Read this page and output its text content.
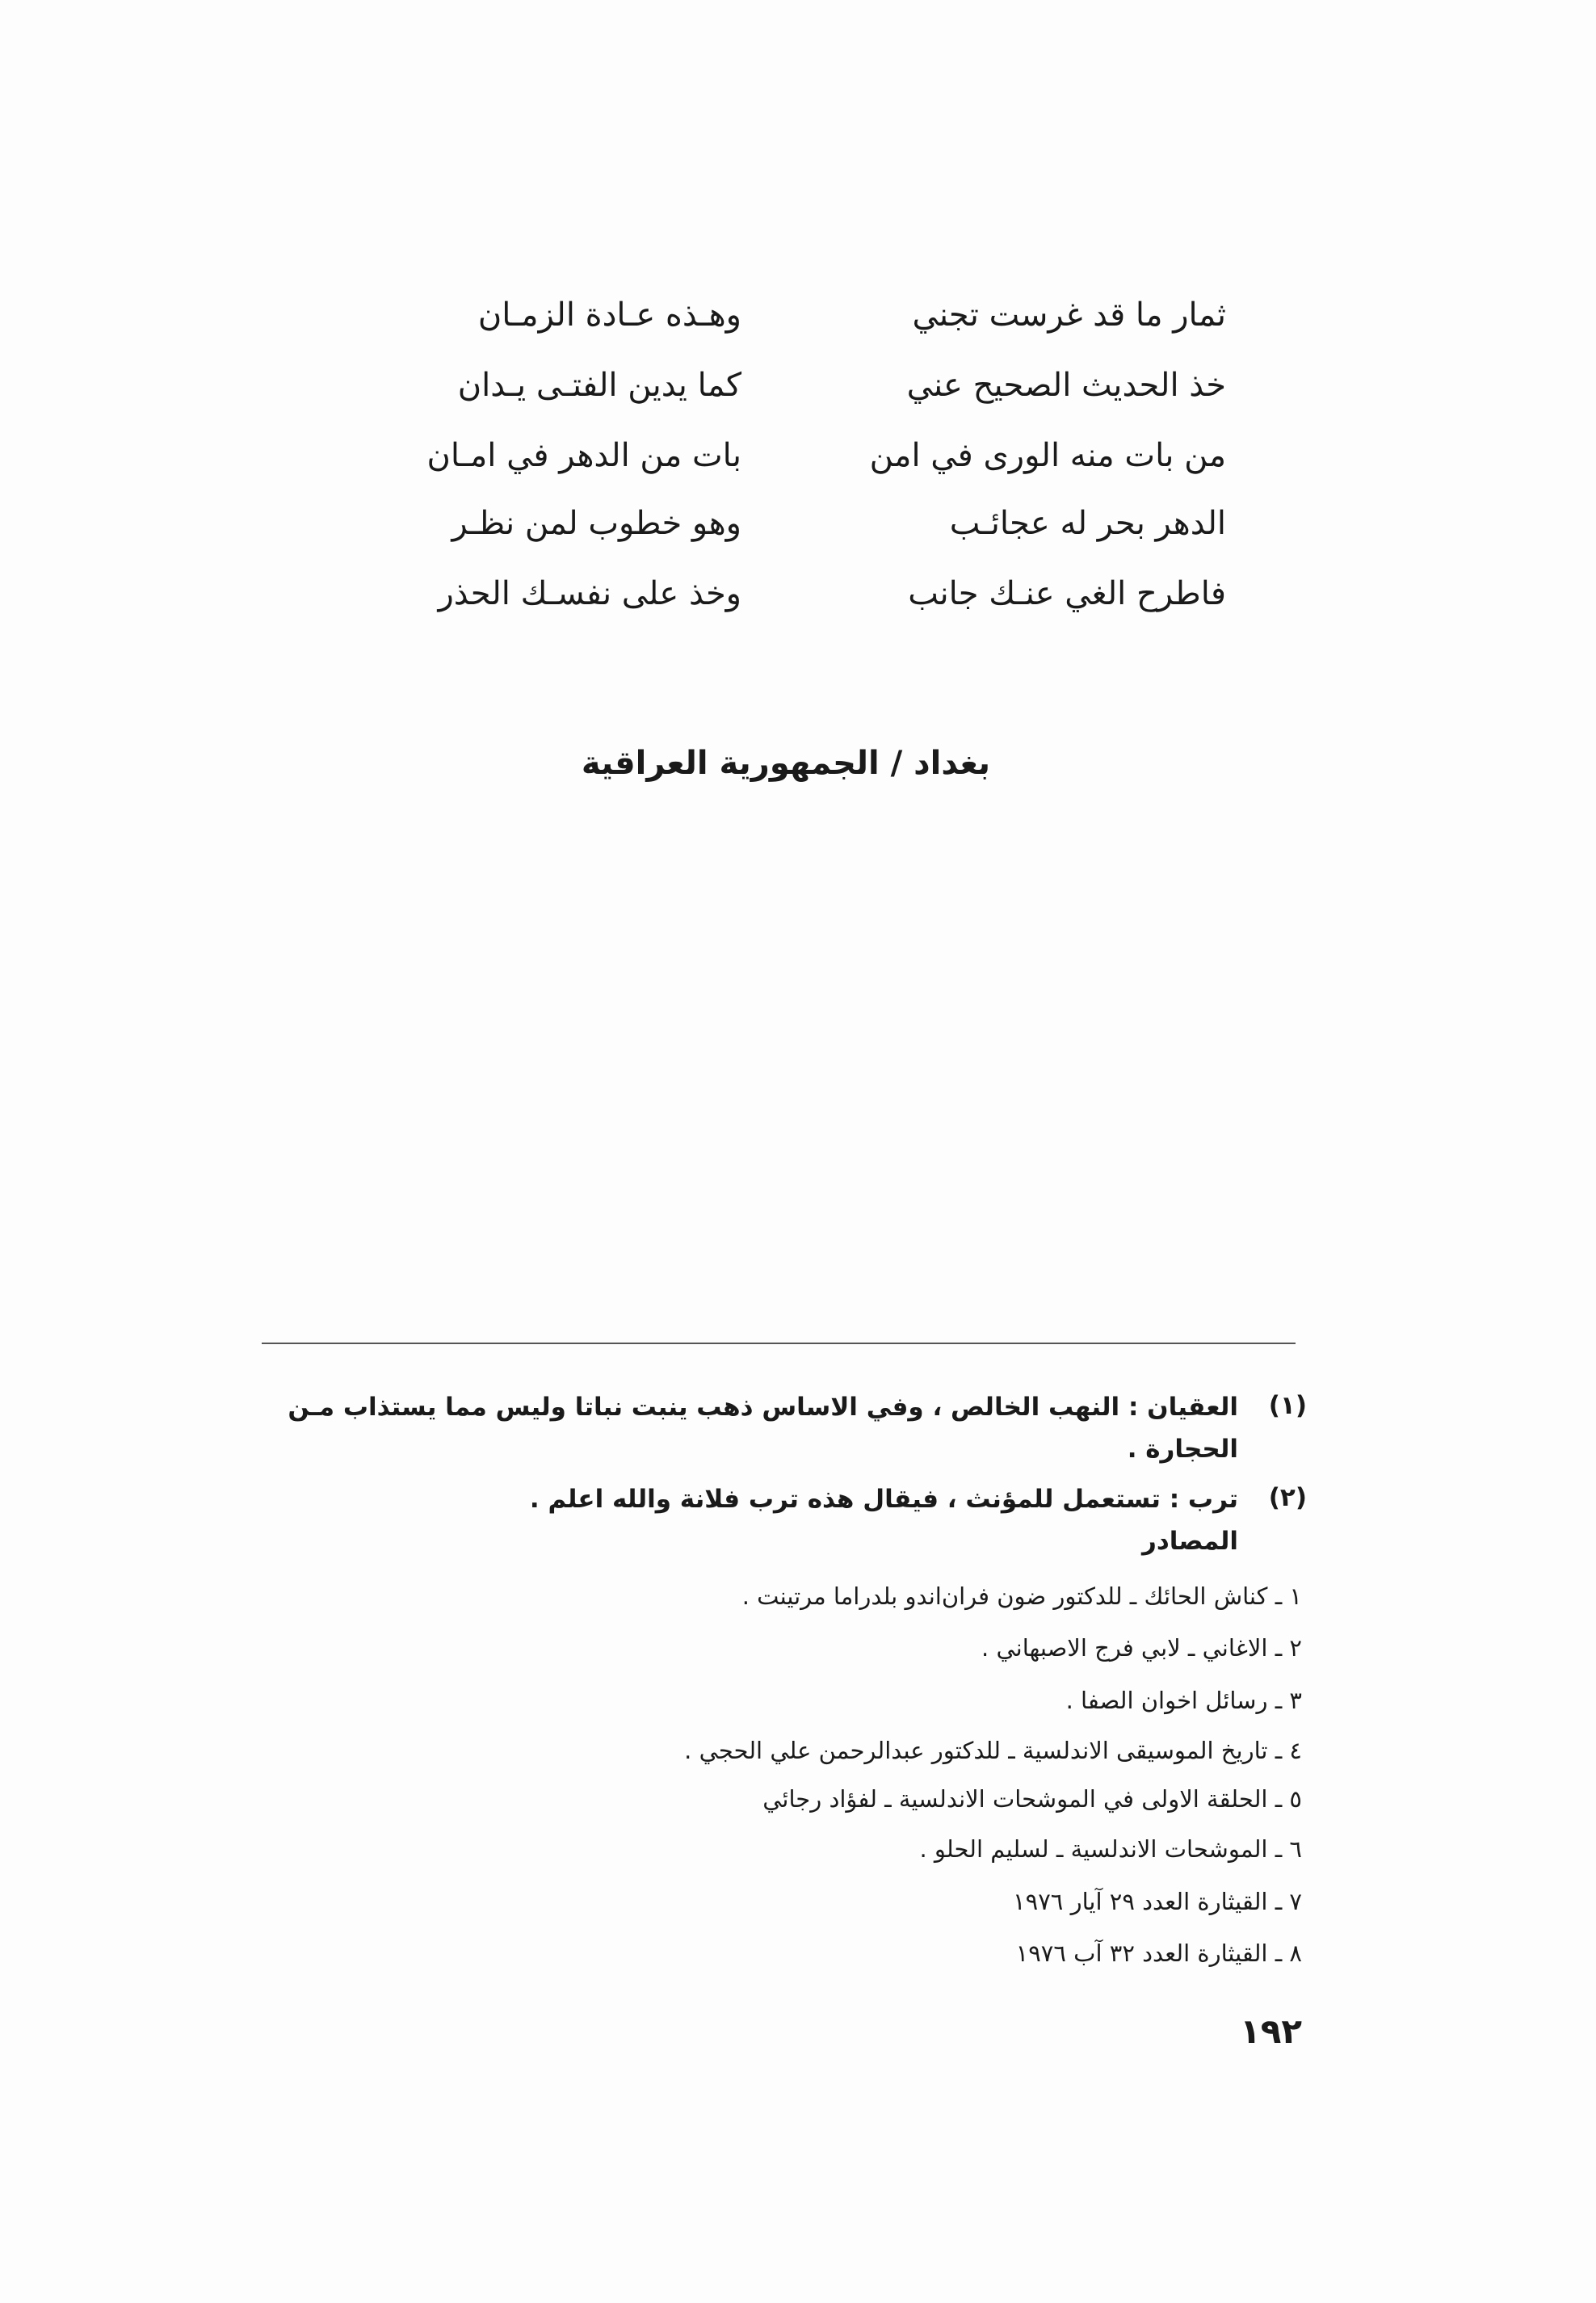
ثمار ما قد غرست تجني
وهـذه عـادة الزمـان
خذ الحديث الصحيح عني
كما يدين الفتـى يـدان
من بات منه الورى في امن
بات من الدهر في امـان
الدهر بحر له عجائـب
وهو خطوب لمن نظـر
فاطرح الغي عنـك جانب
وخذ على نفسـك الحذر
بغداد / الجمهورية العراقية
(١)
العقيان : النهب الخالص ، وفي الاساس ذهب ينبت نباتا وليس مما يستذاب مـن
الحجارة .
(٢)
ترب : تستعمل للمؤنث ، فيقال هذه ترب فلانة والله اعلم .
المصادر
١ ـ كناش الحائك ـ للدكتور ضون فران‌اندو بلدراما مرتينت .
٢ ـ الاغاني ـ لابي فرج الاصبهاني .
٣ ـ رسائل اخوان الصفا .
٤ ـ تاريخ الموسيقى الاندلسية ـ للدكتور عبدالرحمن علي الحجي .
٥ ـ الحلقة الاولى في الموشحات الاندلسية ـ لفؤاد رجائي
٦ ـ الموشحات الاندلسية ـ لسليم الحلو .
٧ ـ القيثارة العدد ٢٩ آيار ١٩٧٦
٨ ـ القيثارة العدد ٣٢ آب ١٩٧٦
١٩٢
